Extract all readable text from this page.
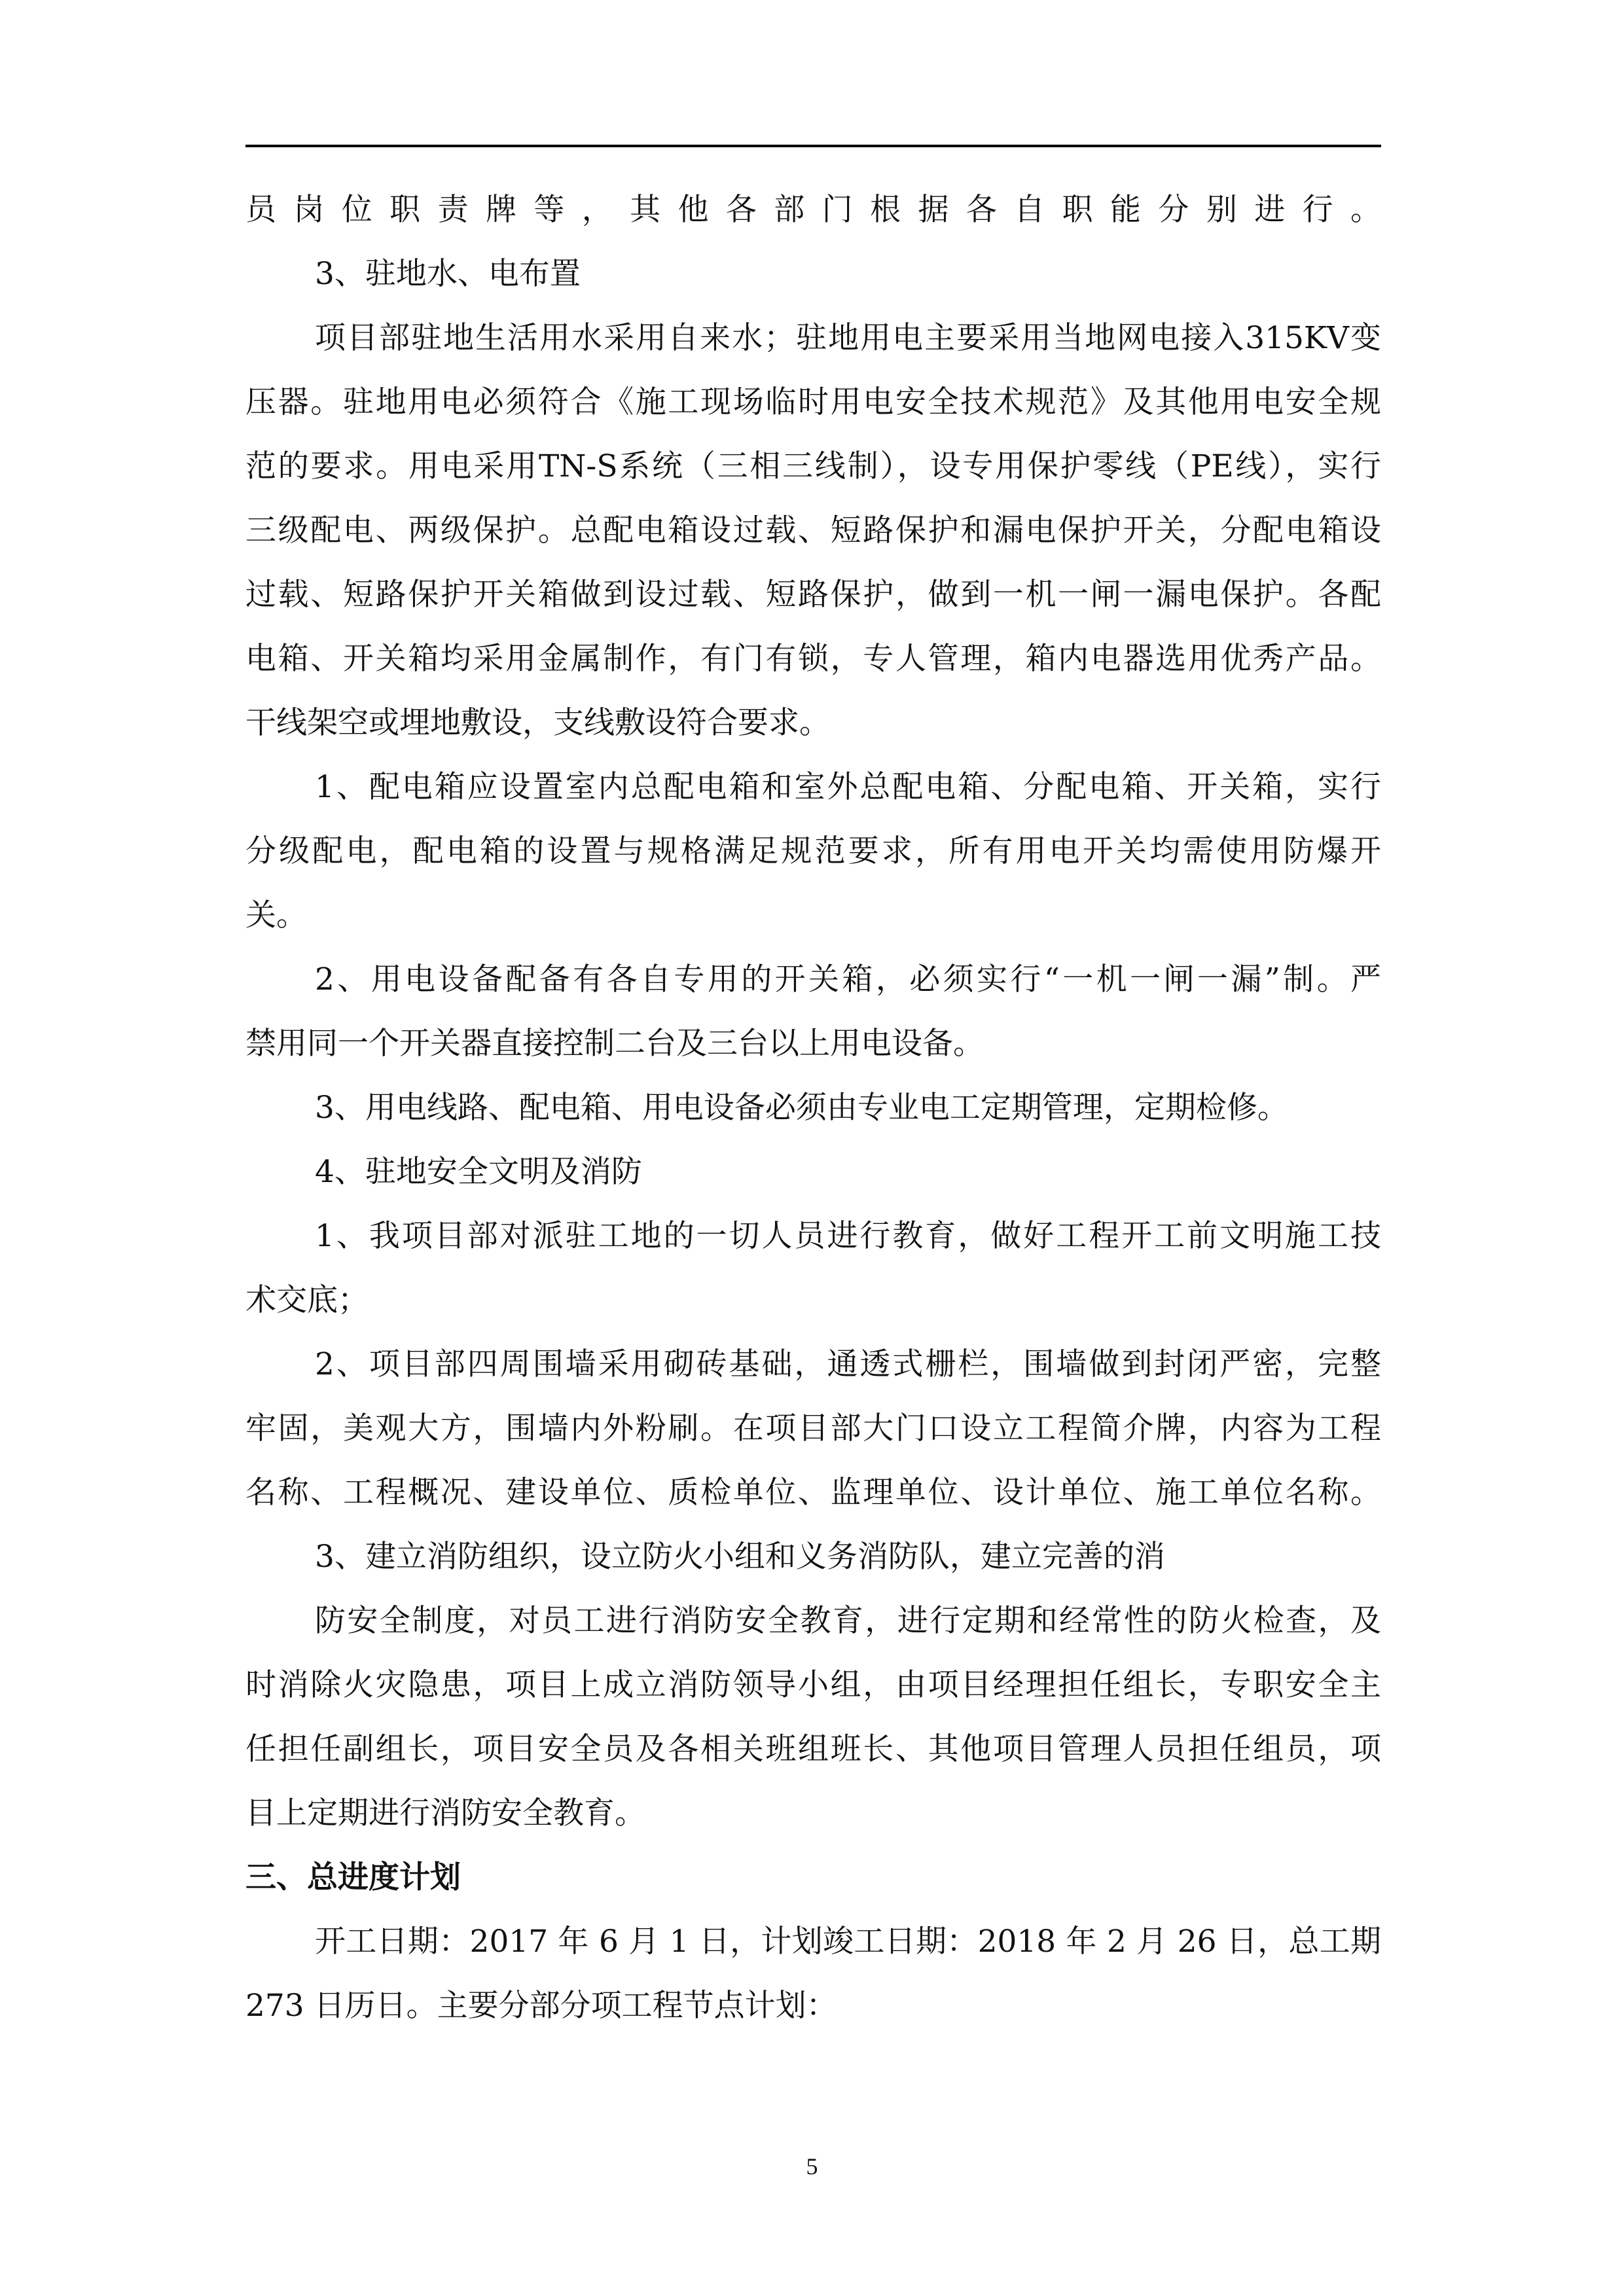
员岗位职责牌等，其他各部门根据各自职能分别进行。
3、驻地水、电布置
项目部驻地生活用水采用自来水；驻地用电主要采用当地网电接入315KV变
压器。驻地用电必须符合《施工现场临时用电安全技术规范》及其他用电安全规
范的要求。用电采用TN-S系统（三相三线制），设专用保护零线（PE线），实行
三级配电、两级保护。总配电箱设过载、短路保护和漏电保护开关，分配电箱设
过载、短路保护开关箱做到设过载、短路保护，做到一机一闸一漏电保护。各配
电箱、开关箱均采用金属制作，有门有锁，专人管理，箱内电器选用优秀产品。
干线架空或埋地敷设，支线敷设符合要求。
1、配电箱应设置室内总配电箱和室外总配电箱、分配电箱、开关箱，实行
分级配电，配电箱的设置与规格满足规范要求，所有用电开关均需使用防爆开
关。
2、用电设备配备有各自专用的开关箱，必须实行“一机一闸一漏”制。严
禁用同一个开关器直接控制二台及三台以上用电设备。
3、用电线路、配电箱、用电设备必须由专业电工定期管理，定期检修。
4、驻地安全文明及消防
1、我项目部对派驻工地的一切人员进行教育，做好工程开工前文明施工技
术交底；
2、项目部四周围墙采用砌砖基础，通透式栅栏，围墙做到封闭严密，完整
牢固，美观大方，围墙内外粉刷。在项目部大门口设立工程简介牌，内容为工程
名称、工程概况、建设单位、质检单位、监理单位、设计单位、施工单位名称。
3、建立消防组织，设立防火小组和义务消防队，建立完善的消
防安全制度，对员工进行消防安全教育，进行定期和经常性的防火检查，及
时消除火灾隐患，项目上成立消防领导小组，由项目经理担任组长，专职安全主
任担任副组长，项目安全员及各相关班组班长、其他项目管理人员担任组员，项
目上定期进行消防安全教育。
三、总进度计划
开工日期：2017 年 6 月 1 日，计划竣工日期：2018 年 2 月 26 日，总工期
273 日历日。主要分部分项工程节点计划：
5
